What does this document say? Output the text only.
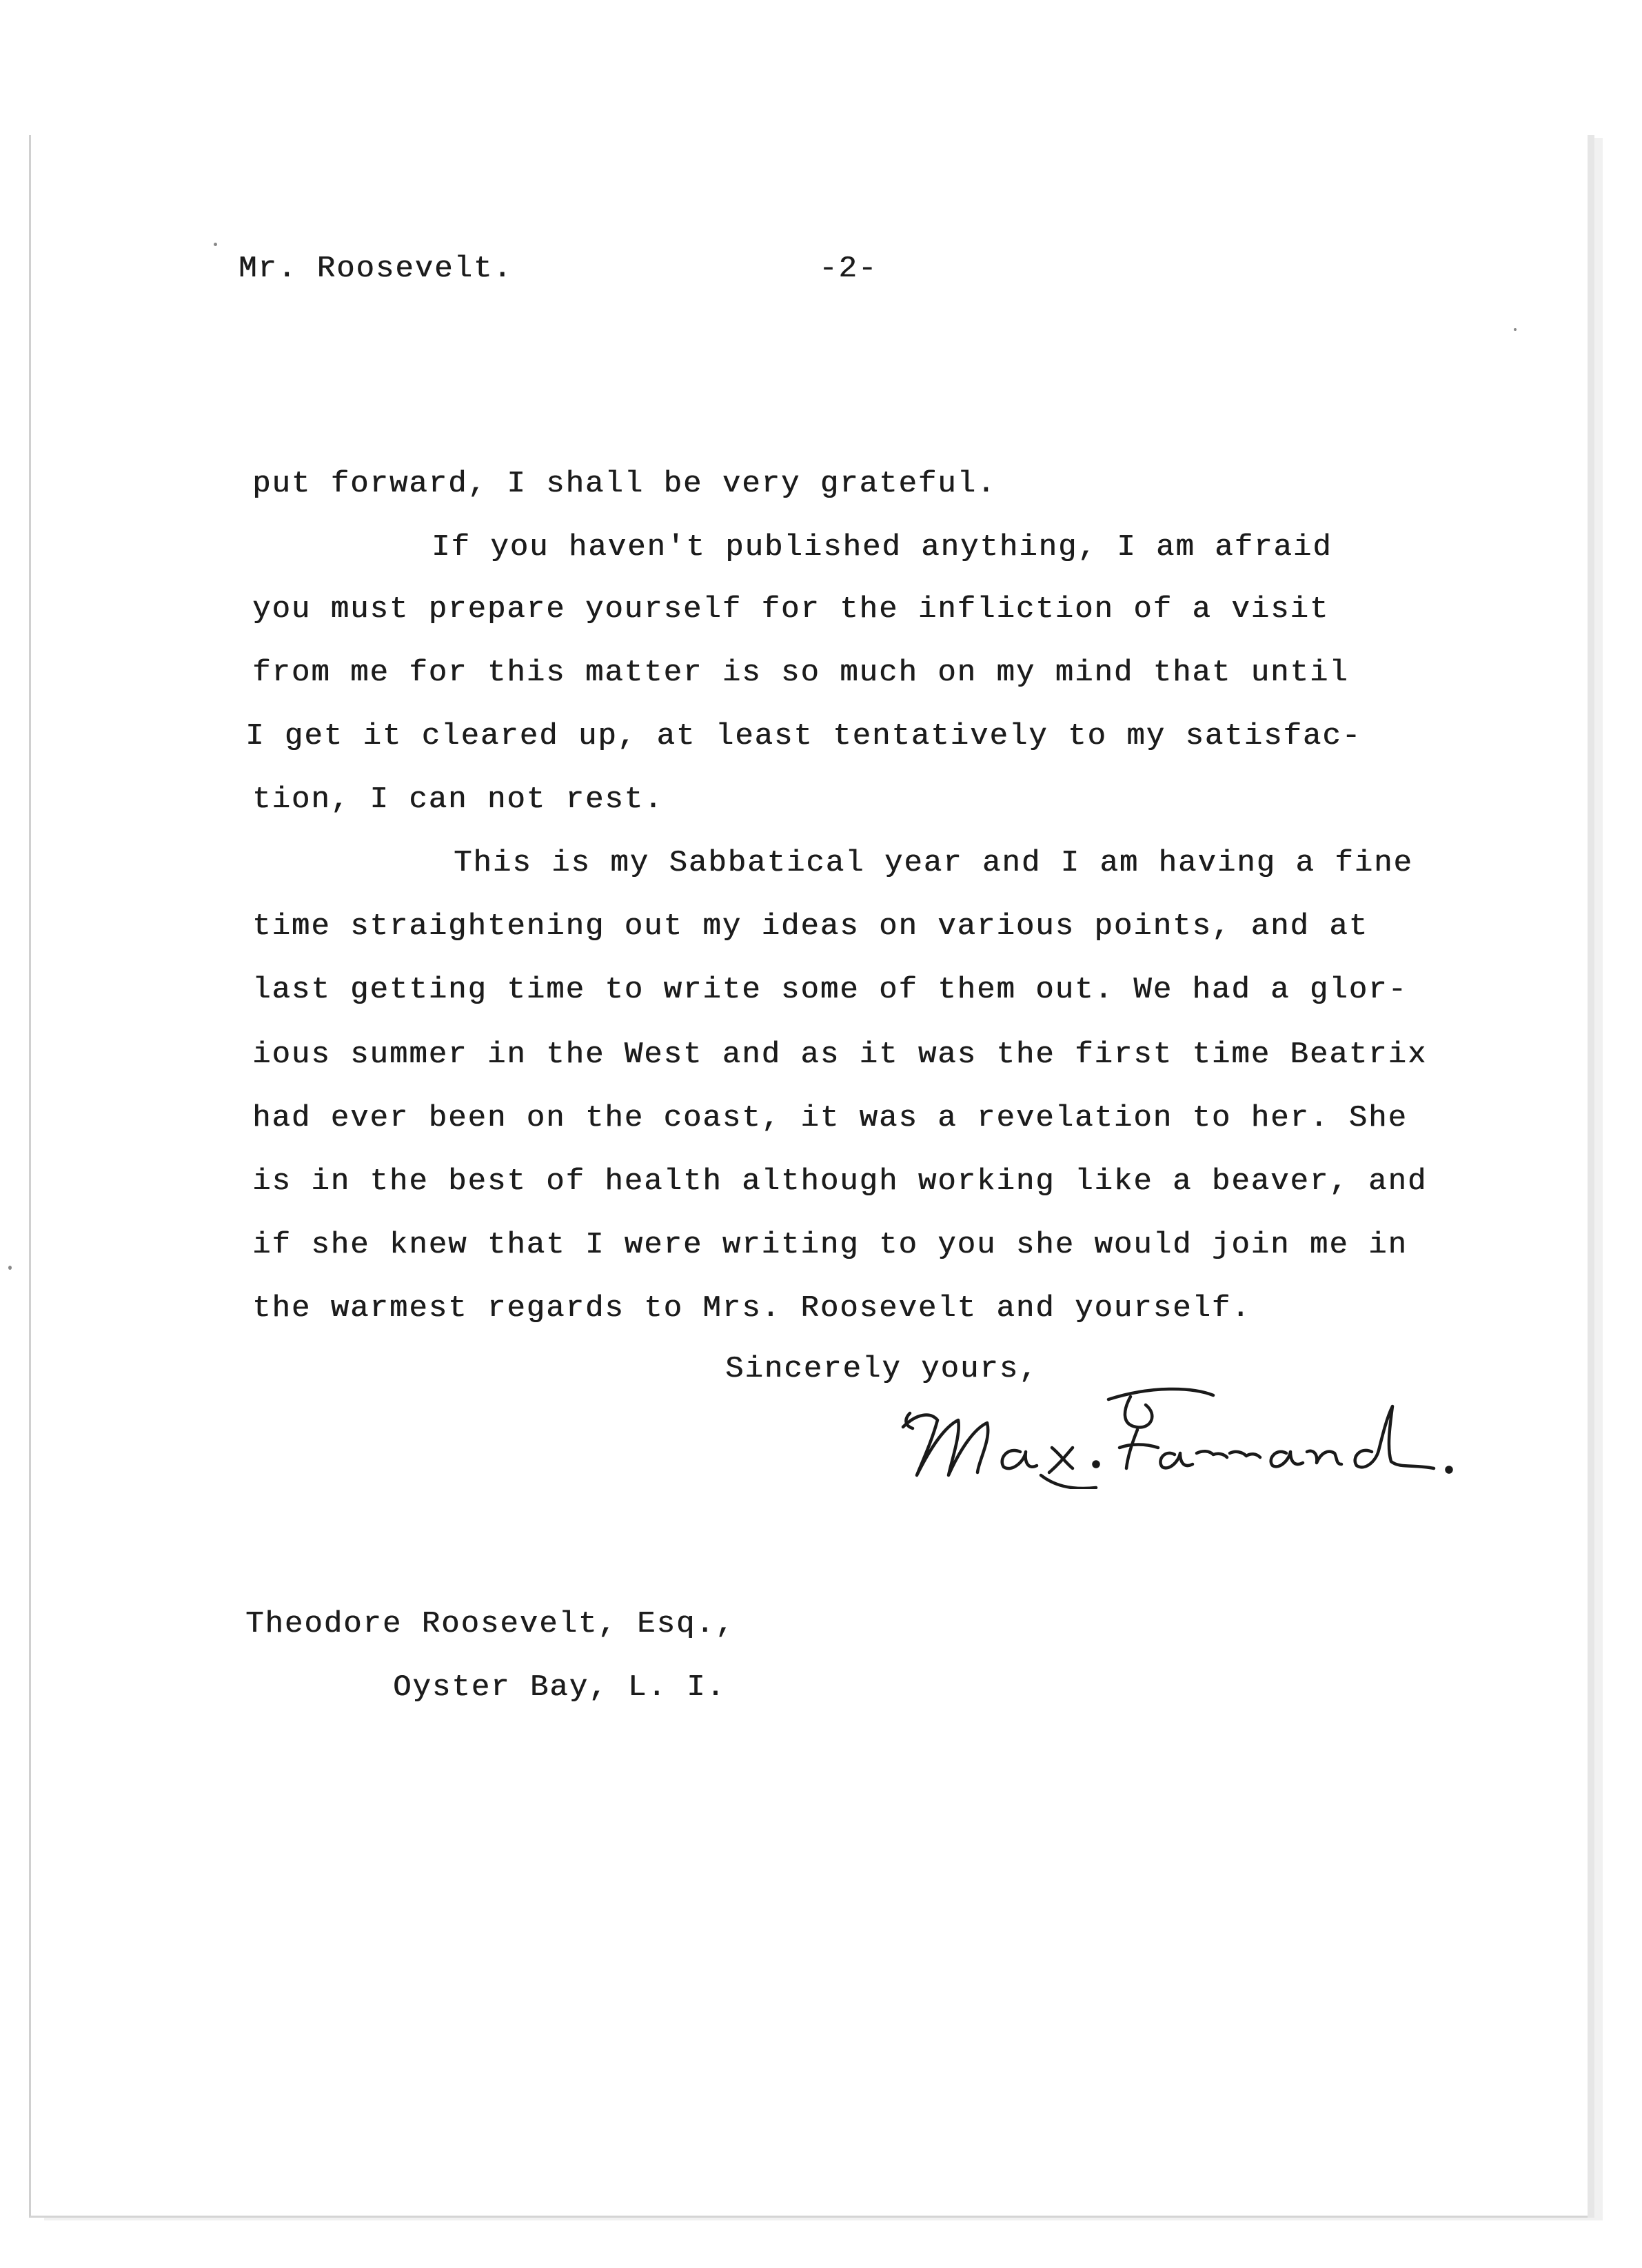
Mr. Roosevelt.	-2-
put forward, I shall be very grateful.
If you haven't published anything, I am afraid
you must prepare yourself for the infliction of a visit
from me for this matter is so much on my mind that until
I get it cleared up, at least tentatively to my satisfac-
tion, I can not rest.
This is my Sabbatical year and I am having a fine
time straightening out my ideas on various points, and at
last getting time to write some of them out. We had a glor-
ious summer in the West and as it was the first time Beatrix
had ever been on the coast, it was a revelation to her. She
is in the best of health although working like a beaver, and
if she knew that I were writing to you she would join me in
the warmest regards to Mrs. Roosevelt and yourself.
Sincerely yours,
Theodore Roosevelt, Esq.,
Oyster Bay, L. I.
